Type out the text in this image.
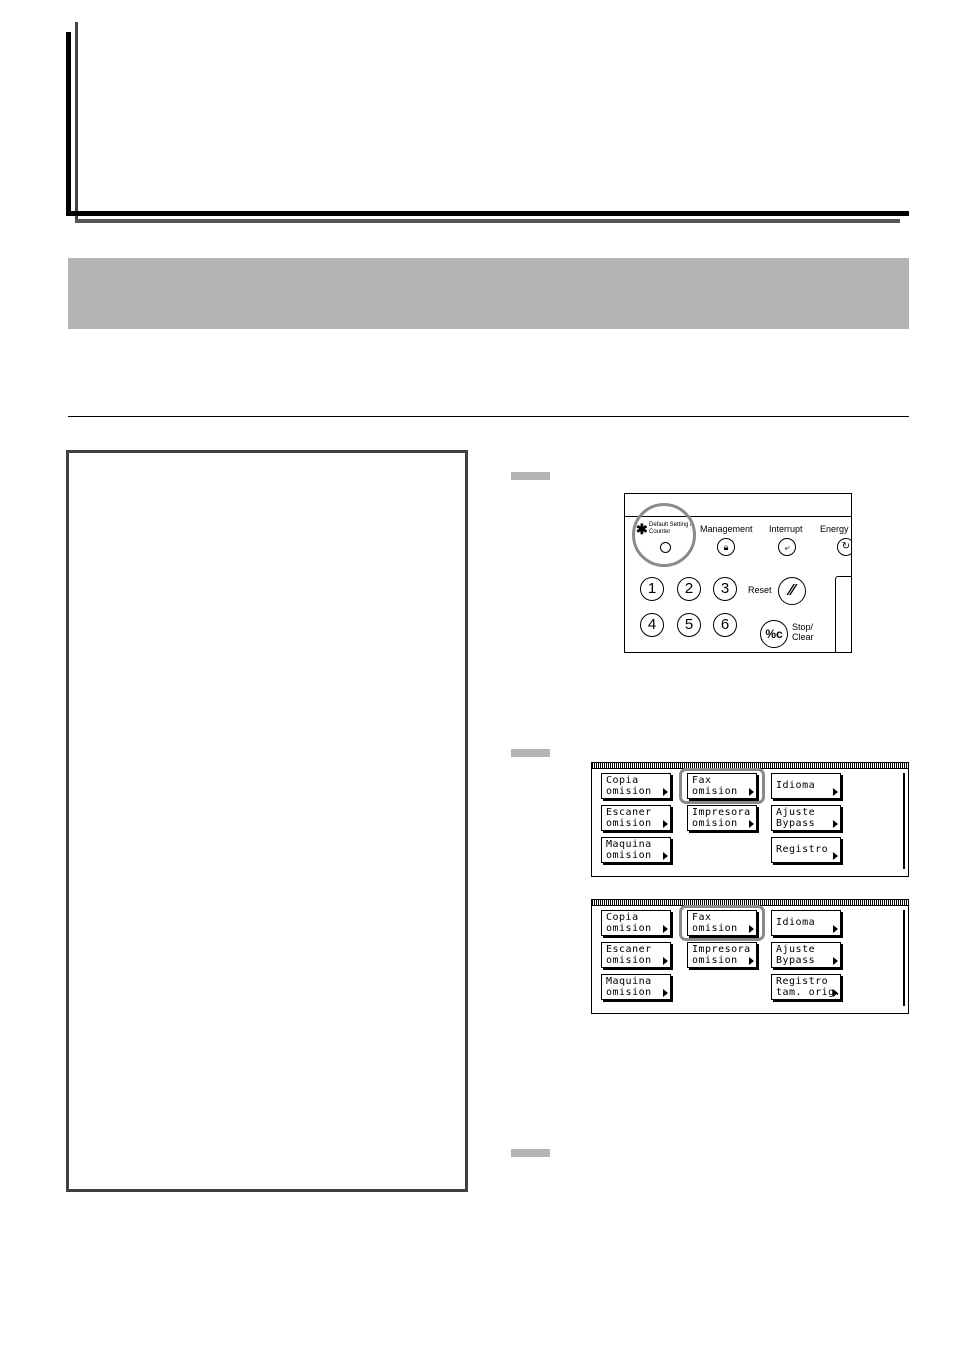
✱ Default Setting /
Counter	Management
🔒︎
Interrupt
⤶
Energy
↻
1	2	3
4	5	6
Reset	⁄⁄
%c	Stop/
Clear
Copia
omision
Fax
omision
Idioma
Escaner
omision
Impresora
omision
Ajuste
Bypass
Maquina
omision
Registro
Copia
omision
Fax
omision
Idioma
Escaner
omision
Impresora
omision
Ajuste
Bypass
Maquina
omision
Registro
tam. orig.
